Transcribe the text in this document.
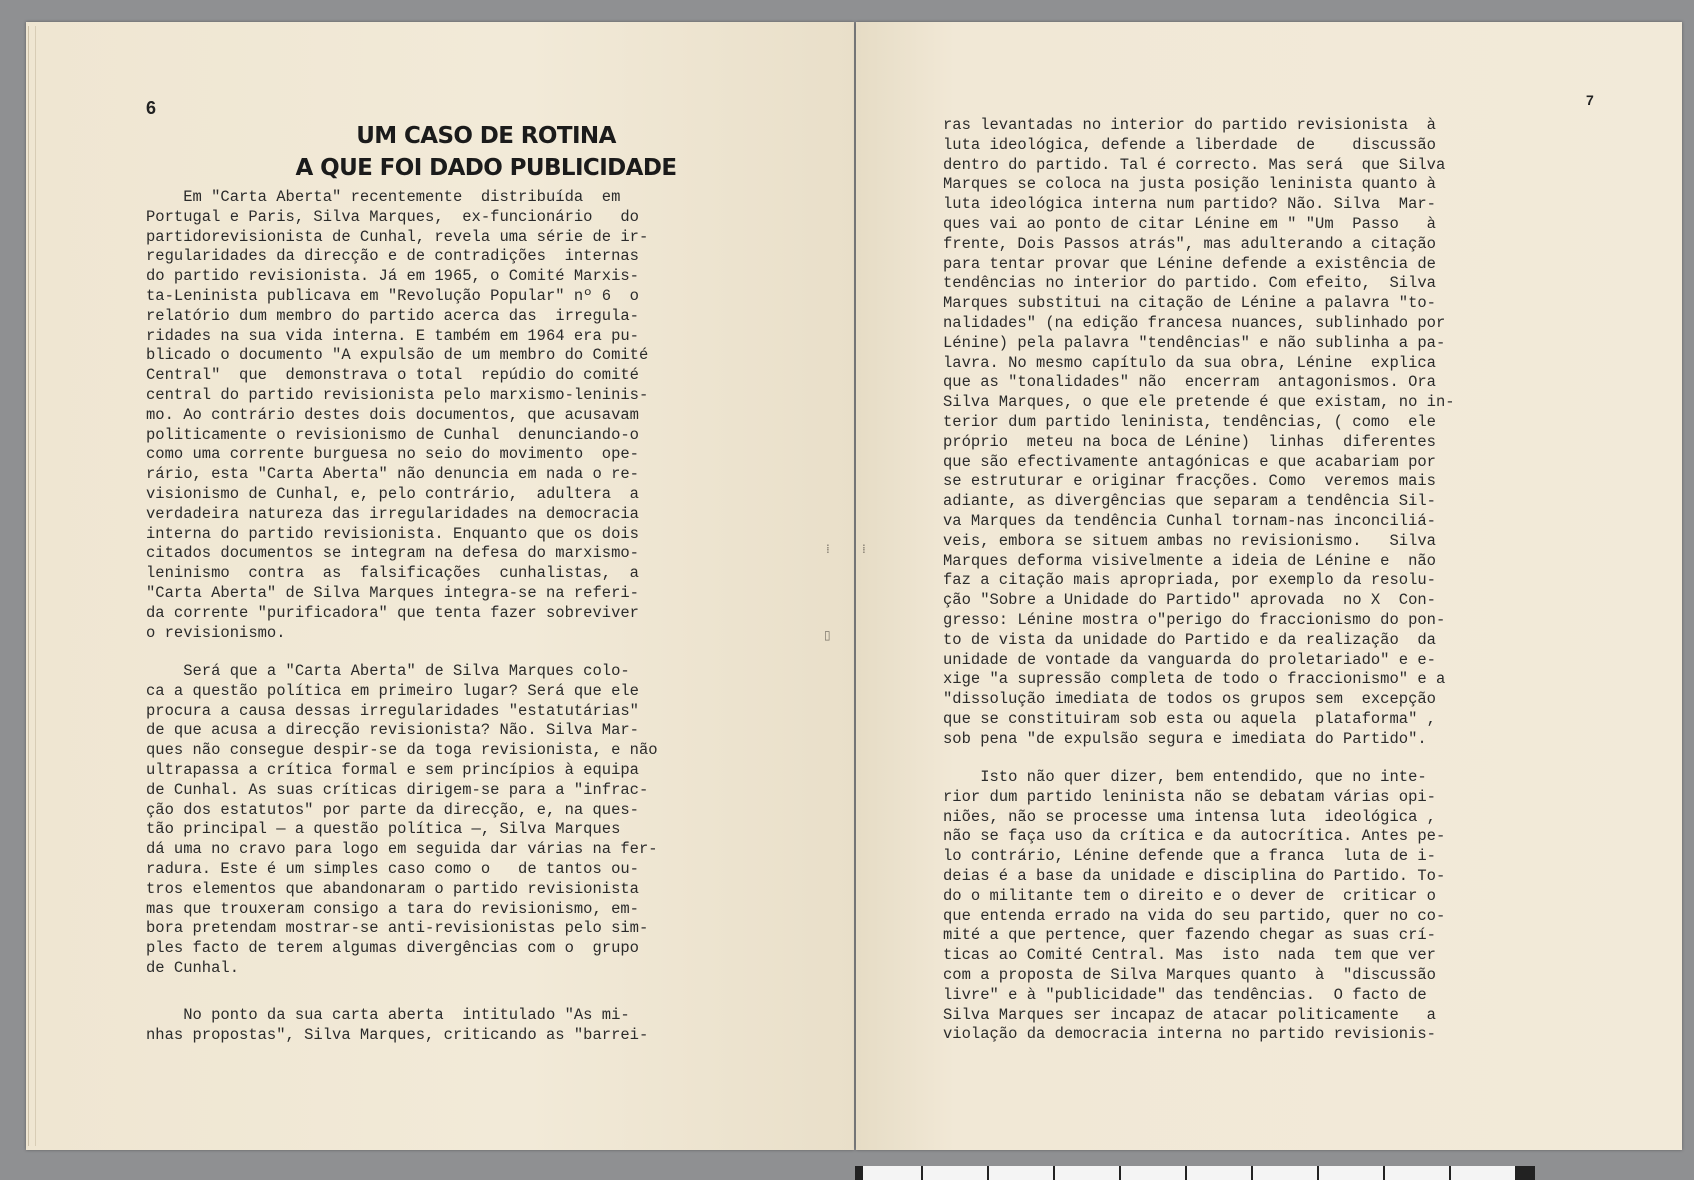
6
UM CASO DE ROTINA
A QUE FOI DADO PUBLICIDADE
Em "Carta Aberta" recentemente  distribuída  em
Portugal e Paris, Silva Marques,  ex-funcionário   do
partidorevisionista de Cunhal, revela uma série de ir-
regularidades da direcção e de contradições  internas
do partido revisionista. Já em 1965, o Comité Marxis-
ta-Leninista publicava em "Revolução Popular" nº 6  o
relatório dum membro do partido acerca das  irregula-
ridades na sua vida interna. E também em 1964 era pu-
blicado o documento "A expulsão de um membro do Comité
Central"  que  demonstrava o total  repúdio do comité
central do partido revisionista pelo marxismo-leninis-
mo. Ao contrário destes dois documentos, que acusavam
politicamente o revisionismo de Cunhal  denunciando-o
como uma corrente burguesa no seio do movimento  ope-
rário, esta "Carta Aberta" não denuncia em nada o re-
visionismo de Cunhal, e, pelo contrário,  adultera  a
verdadeira natureza das irregularidades na democracia
interna do partido revisionista. Enquanto que os dois
citados documentos se integram na defesa do marxismo-
leninismo  contra  as  falsificações  cunhalistas,  a
"Carta Aberta" de Silva Marques integra-se na referi-
da corrente "purificadora" que tenta fazer sobreviver
o revisionismo.
Será que a "Carta Aberta" de Silva Marques colo-
ca a questão política em primeiro lugar? Será que ele
procura a causa dessas irregularidades "estatutárias"
de que acusa a direcção revisionista? Não. Silva Mar-
ques não consegue despir-se da toga revisionista, e não
ultrapassa a crítica formal e sem princípios à equipa
de Cunhal. As suas críticas dirigem-se para a "infrac-
ção dos estatutos" por parte da direcção, e, na ques-
tão principal — a questão política —, Silva Marques
dá uma no cravo para logo em seguida dar várias na fer-
radura. Este é um simples caso como o   de tantos ou-
tros elementos que abandonaram o partido revisionista
mas que trouxeram consigo a tara do revisionismo, em-
bora pretendam mostrar-se anti-revisionistas pelo sim-
ples facto de terem algumas divergências com o  grupo
de Cunhal.
No ponto da sua carta aberta  intitulado "As mi-
nhas propostas", Silva Marques, criticando as "barrei-
⁞
▯
⁞
7
ras levantadas no interior do partido revisionista  à
luta ideológica, defende a liberdade  de    discussão
dentro do partido. Tal é correcto. Mas será  que Silva
Marques se coloca na justa posição leninista quanto à
luta ideológica interna num partido? Não. Silva  Mar-
ques vai ao ponto de citar Lénine em " "Um  Passo   à
frente, Dois Passos atrás", mas adulterando a citação
para tentar provar que Lénine defende a existência de
tendências no interior do partido. Com efeito,  Silva
Marques substitui na citação de Lénine a palavra "to-
nalidades" (na edição francesa nuances, sublinhado por
Lénine) pela palavra "tendências" e não sublinha a pa-
lavra. No mesmo capítulo da sua obra, Lénine  explica
que as "tonalidades" não  encerram  antagonismos. Ora
Silva Marques, o que ele pretende é que existam, no in-
terior dum partido leninista, tendências, ( como  ele
próprio  meteu na boca de Lénine)  linhas  diferentes
que são efectivamente antagónicas e que acabariam por
se estruturar e originar fracções. Como  veremos mais
adiante, as divergências que separam a tendência Sil-
va Marques da tendência Cunhal tornam-nas inconciliá-
veis, embora se situem ambas no revisionismo.   Silva
Marques deforma visivelmente a ideia de Lénine e  não
faz a citação mais apropriada, por exemplo da resolu-
ção "Sobre a Unidade do Partido" aprovada  no X  Con-
gresso: Lénine mostra o"perigo do fraccionismo do pon-
to de vista da unidade do Partido e da realização  da
unidade de vontade da vanguarda do proletariado" e e-
xige "a supressão completa de todo o fraccionismo" e a
"dissolução imediata de todos os grupos sem  excepção
que se constituiram sob esta ou aquela  plataforma" ,
sob pena "de expulsão segura e imediata do Partido".
Isto não quer dizer, bem entendido, que no inte-
rior dum partido leninista não se debatam várias opi-
niões, não se processe uma intensa luta  ideológica ,
não se faça uso da crítica e da autocrítica. Antes pe-
lo contrário, Lénine defende que a franca  luta de i-
deias é a base da unidade e disciplina do Partido. To-
do o militante tem o direito e o dever de  criticar o
que entenda errado na vida do seu partido, quer no co-
mité a que pertence, quer fazendo chegar as suas crí-
ticas ao Comité Central. Mas  isto  nada  tem que ver
com a proposta de Silva Marques quanto  à  "discussão
livre" e à "publicidade" das tendências.  O facto de
Silva Marques ser incapaz de atacar politicamente   a
violação da democracia interna no partido revisionis-
